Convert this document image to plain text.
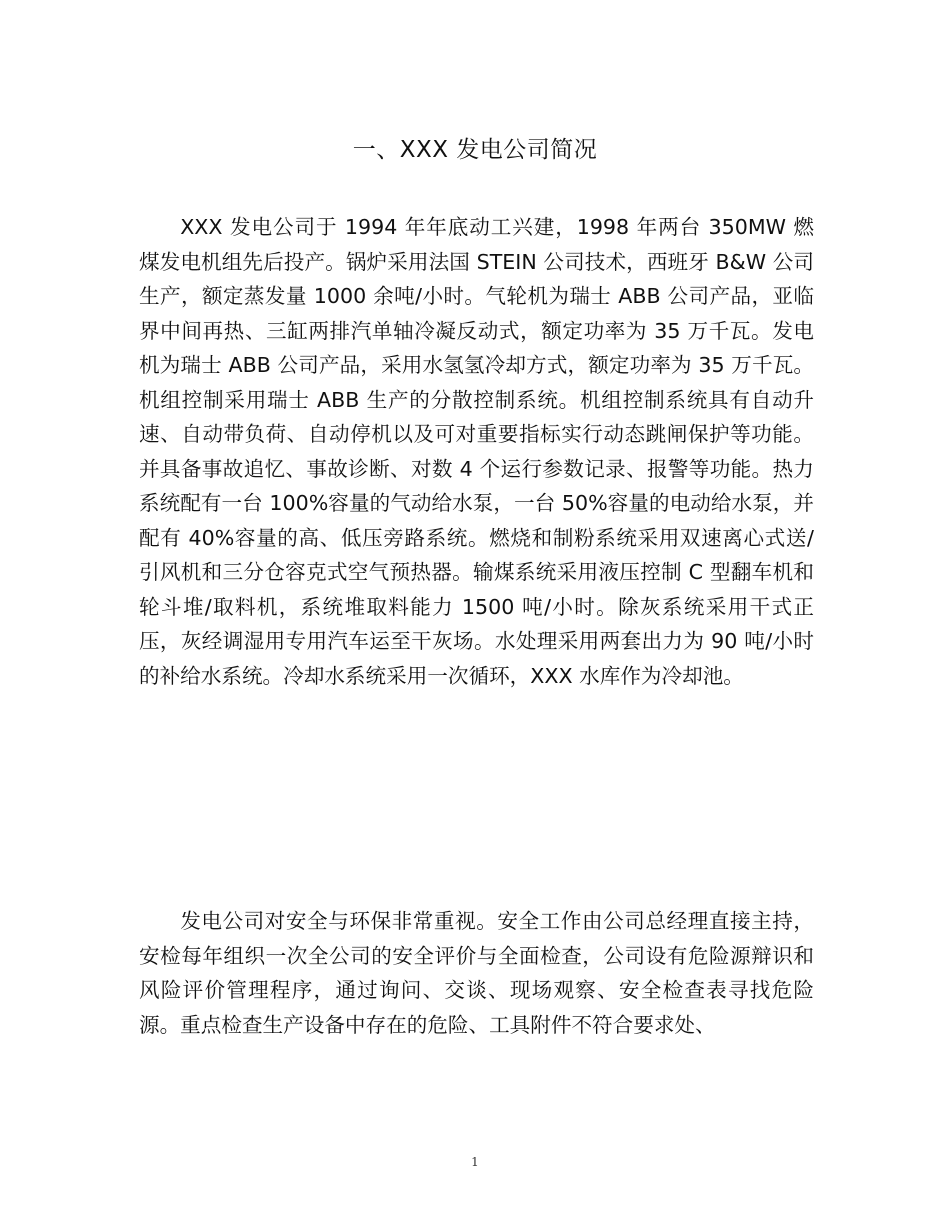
一、XXX 发电公司简况

XXX 发电公司于 1994 年年底动工兴建，1998 年两台 350MW 燃煤发电机组先后投产。锅炉采用法国 STEIN 公司技术，西班牙 B&W 公司生产，额定蒸发量 1000 余吨/小时。气轮机为瑞士 ABB 公司产品，亚临界中间再热、三缸两排汽单轴冷凝反动式，额定功率为 35 万千瓦。发电机为瑞士 ABB 公司产品，采用水氢氢冷却方式，额定功率为 35 万千瓦。机组控制采用瑞士 ABB 生产的分散控制系统。机组控制系统具有自动升速、自动带负荷、自动停机以及可对重要指标实行动态跳闸保护等功能。并具备事故追忆、事故诊断、对数 4 个运行参数记录、报警等功能。热力系统配有一台 100%容量的气动给水泵，一台 50%容量的电动给水泵，并配有 40%容量的高、低压旁路系统。燃烧和制粉系统采用双速离心式送/引风机和三分仓容克式空气预热器。输煤系统采用液压控制 C 型翻车机和轮斗堆/取料机，系统堆取料能力 1500 吨/小时。除灰系统采用干式正压，灰经调湿用专用汽车运至干灰场。水处理采用两套出力为 90 吨/小时的补给水系统。冷却水系统采用一次循环，XXX 水库作为冷却池。

发电公司对安全与环保非常重视。安全工作由公司总经理直接主持，安检每年组织一次全公司的安全评价与全面检查，公司设有危险源辩识和风险评价管理程序，通过询问、交谈、现场观察、安全检查表寻找危险源。重点检查生产设备中存在的危险、工具附件不符合要求处、

1
